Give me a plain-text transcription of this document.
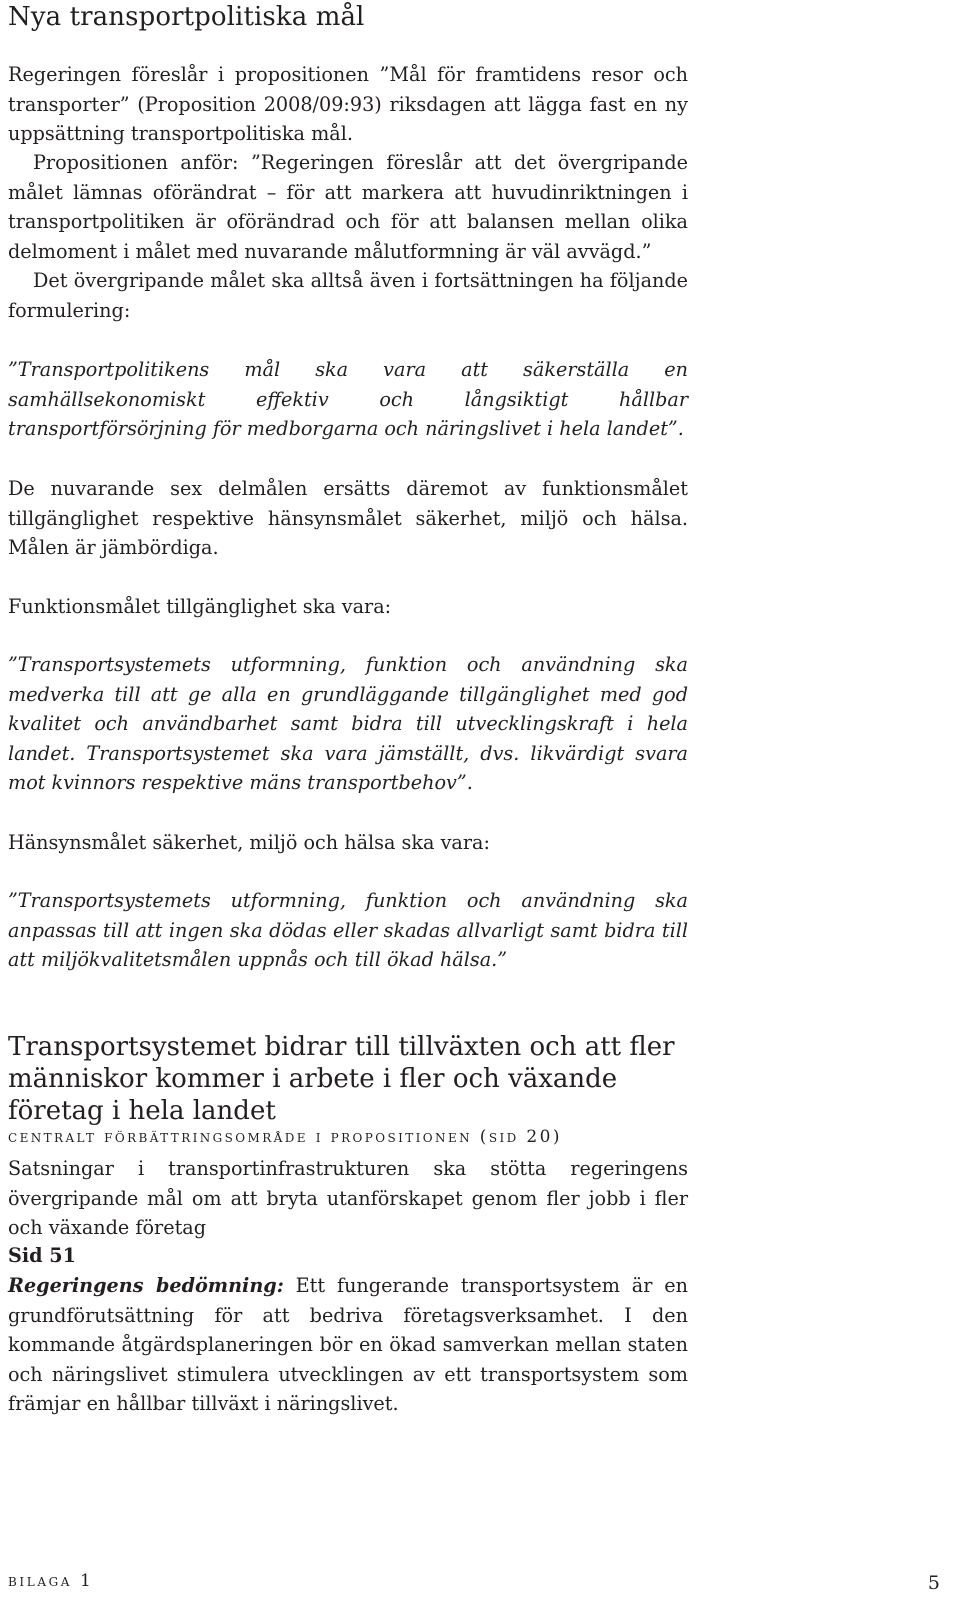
Nya transportpolitiska mål

Regeringen föreslår i propositionen ”Mål för framtidens resor och transporter” (Proposition 2008/09:93) riksdagen att lägga fast en ny uppsättning transportpolitiska mål.

Propositionen anför: ”Regeringen föreslår att det övergripande målet lämnas oförändrat – för att markera att huvudinriktningen i transportpolitiken är oförändrad och för att balansen mellan olika delmoment i målet med nuvarande målutformning är väl avvägd.”

Det övergripande målet ska alltså även i fortsättningen ha följande formulering:

”Transportpolitikens mål ska vara att säkerställa en samhällsekonomiskt effektiv och långsiktigt hållbar transportförsörjning för medborgarna och näringslivet i hela landet”.

De nuvarande sex delmålen ersätts däremot av funktionsmålet tillgänglighet respektive hänsynsmålet säkerhet, miljö och hälsa. Målen är jämbördiga.

Funktionsmålet tillgänglighet ska vara:

”Transportsystemets utformning, funktion och användning ska medverka till att ge alla en grundläggande tillgänglighet med god kvalitet och användbarhet samt bidra till utvecklingskraft i hela landet. Transportsystemet ska vara jämställt, dvs. likvärdigt svara mot kvinnors respektive mäns transportbehov”.

Hänsynsmålet säkerhet, miljö och hälsa ska vara:

”Transportsystemets utformning, funktion och användning ska anpassas till att ingen ska dödas eller skadas allvarligt samt bidra till att miljökvalitetsmålen uppnås och till ökad hälsa.”

Transportsystemet bidrar till tillväxten och att fler människor kommer i arbete i fler och växande företag i hela landet

centralt förbättringsområde i propositionen (sid 20)

Satsningar i transportinfrastrukturen ska stötta regeringens övergripande mål om att bryta utanförskapet genom fler jobb i fler och växande företag

Sid 51

Regeringens bedömning: Ett fungerande transportsystem är en grundförutsättning för att bedriva företagsverksamhet. I den kommande åtgärdsplaneringen bör en ökad samverkan mellan staten och näringslivet stimulera utvecklingen av ett transportsystem som främjar en hållbar tillväxt i näringslivet.

bilaga 1	5
